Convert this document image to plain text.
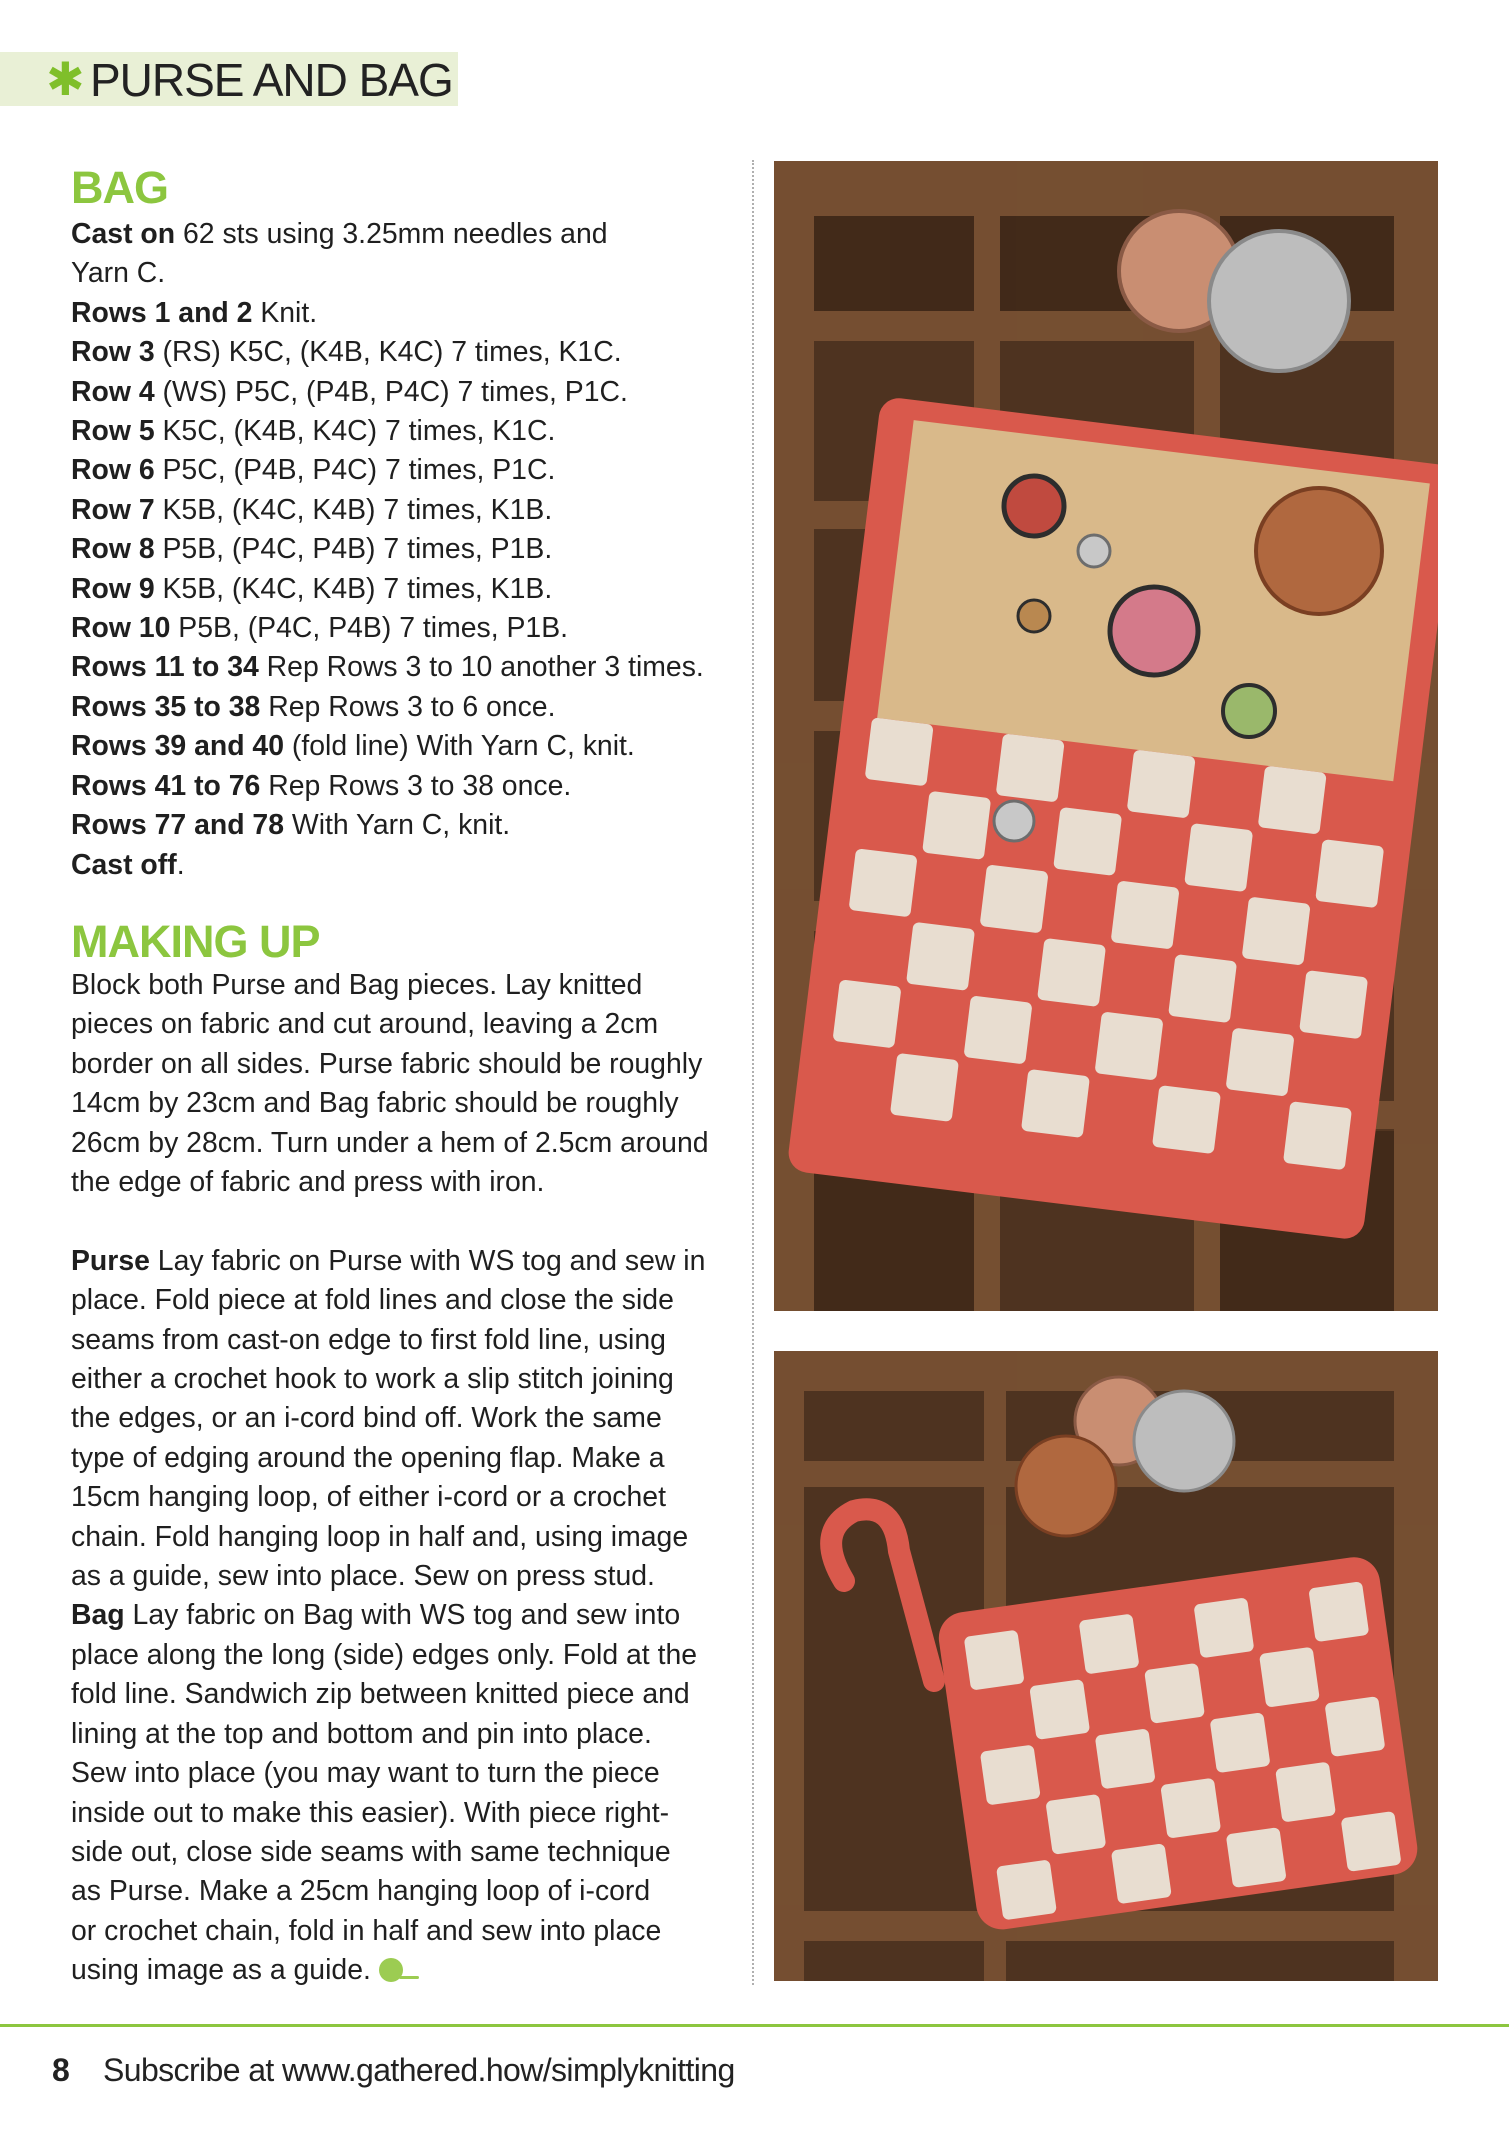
✱ PURSE AND BAG
BAG
Cast on 62 sts using 3.25mm needles and
Yarn C.
Rows 1 and 2 Knit.
Row 3 (RS) K5C, (K4B, K4C) 7 times, K1C.
Row 4 (WS) P5C, (P4B, P4C) 7 times, P1C.
Row 5 K5C, (K4B, K4C) 7 times, K1C.
Row 6 P5C, (P4B, P4C) 7 times, P1C.
Row 7 K5B, (K4C, K4B) 7 times, K1B.
Row 8 P5B, (P4C, P4B) 7 times, P1B.
Row 9 K5B, (K4C, K4B) 7 times, K1B.
Row 10 P5B, (P4C, P4B) 7 times, P1B.
Rows 11 to 34 Rep Rows 3 to 10 another 3 times.
Rows 35 to 38 Rep Rows 3 to 6 once.
Rows 39 and 40 (fold line) With Yarn C, knit.
Rows 41 to 76 Rep Rows 3 to 38 once.
Rows 77 and 78 With Yarn C, knit.
Cast off.
MAKING UP
Block both Purse and Bag pieces. Lay knitted
pieces on fabric and cut around, leaving a 2cm
border on all sides. Purse fabric should be roughly
14cm by 23cm and Bag fabric should be roughly
26cm by 28cm. Turn under a hem of 2.5cm around
the edge of fabric and press with iron.
Purse Lay fabric on Purse with WS tog and sew in
place. Fold piece at fold lines and close the side
seams from cast-on edge to first fold line, using
either a crochet hook to work a slip stitch joining
the edges, or an i-cord bind off. Work the same
type of edging around the opening flap. Make a
15cm hanging loop, of either i-cord or a crochet
chain. Fold hanging loop in half and, using image
as a guide, sew into place. Sew on press stud.
Bag Lay fabric on Bag with WS tog and sew into
place along the long (side) edges only. Fold at the
fold line. Sandwich zip between knitted piece and
lining at the top and bottom and pin into place.
Sew into place (you may want to turn the piece
inside out to make this easier). With piece right-
side out, close side seams with same technique
as Purse. Make a 25cm hanging loop of i-cord
or crochet chain, fold in half and sew into place
using image as a guide.
8 Subscribe at www.gathered.how/simplyknitting
